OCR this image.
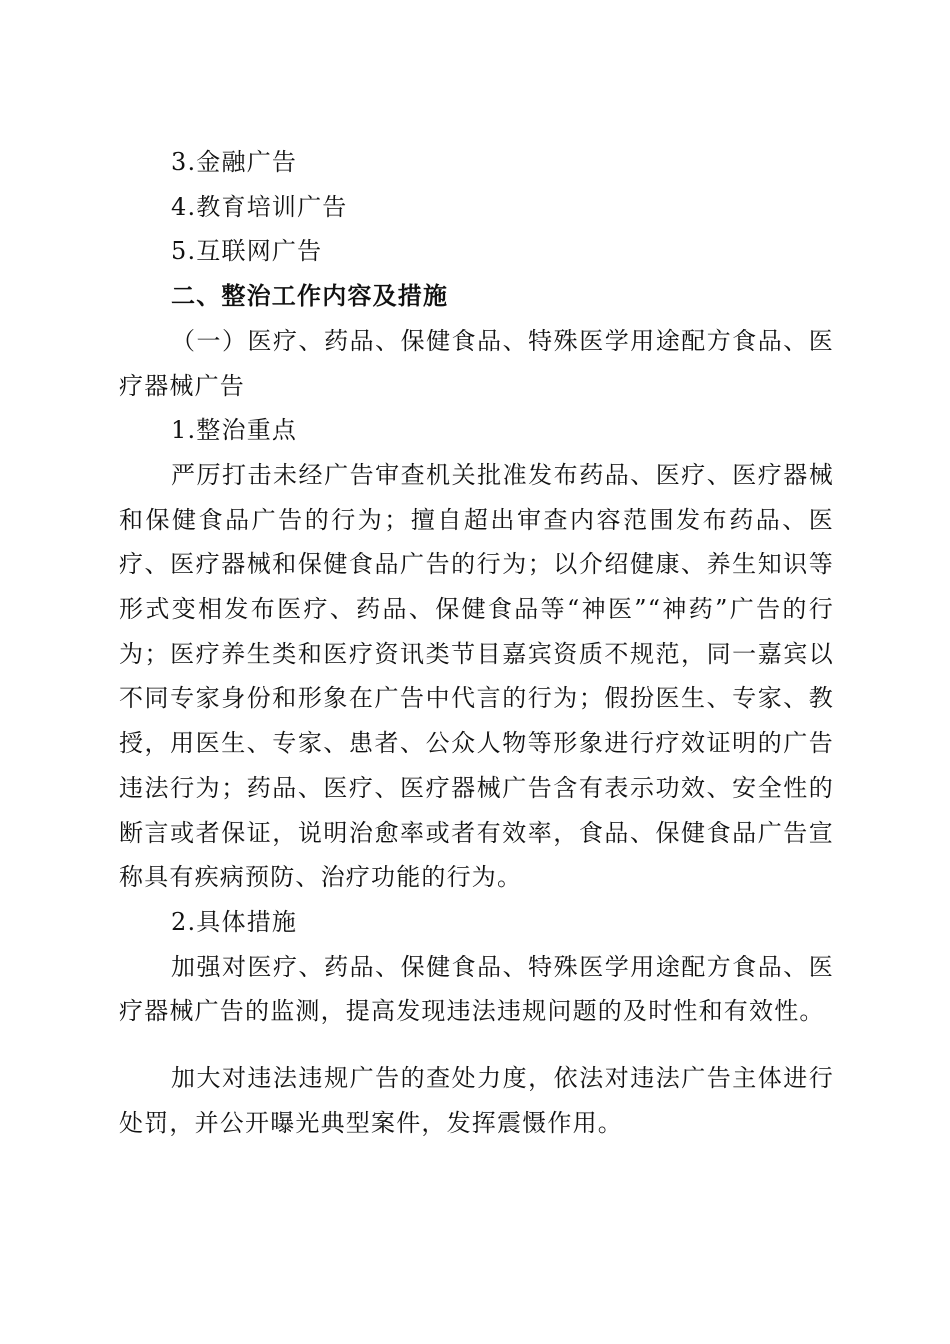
3.金融广告

4.教育培训广告

5.互联网广告

二、整治工作内容及措施

（一）医疗、药品、保健食品、特殊医学用途配方食品、医疗器械广告

1.整治重点

严厉打击未经广告审查机关批准发布药品、医疗、医疗器械和保健食品广告的行为；擅自超出审查内容范围发布药品、医疗、医疗器械和保健食品广告的行为；以介绍健康、养生知识等形式变相发布医疗、药品、保健食品等“神医”“神药”广告的行为；医疗养生类和医疗资讯类节目嘉宾资质不规范，同一嘉宾以不同专家身份和形象在广告中代言的行为；假扮医生、专家、教授，用医生、专家、患者、公众人物等形象进行疗效证明的广告违法行为；药品、医疗、医疗器械广告含有表示功效、安全性的断言或者保证，说明治愈率或者有效率，食品、保健食品广告宣称具有疾病预防、治疗功能的行为。

2.具体措施

加强对医疗、药品、保健食品、特殊医学用途配方食品、医疗器械广告的监测，提高发现违法违规问题的及时性和有效性。

加大对违法违规广告的查处力度，依法对违法广告主体进行处罚，并公开曝光典型案件，发挥震慑作用。
